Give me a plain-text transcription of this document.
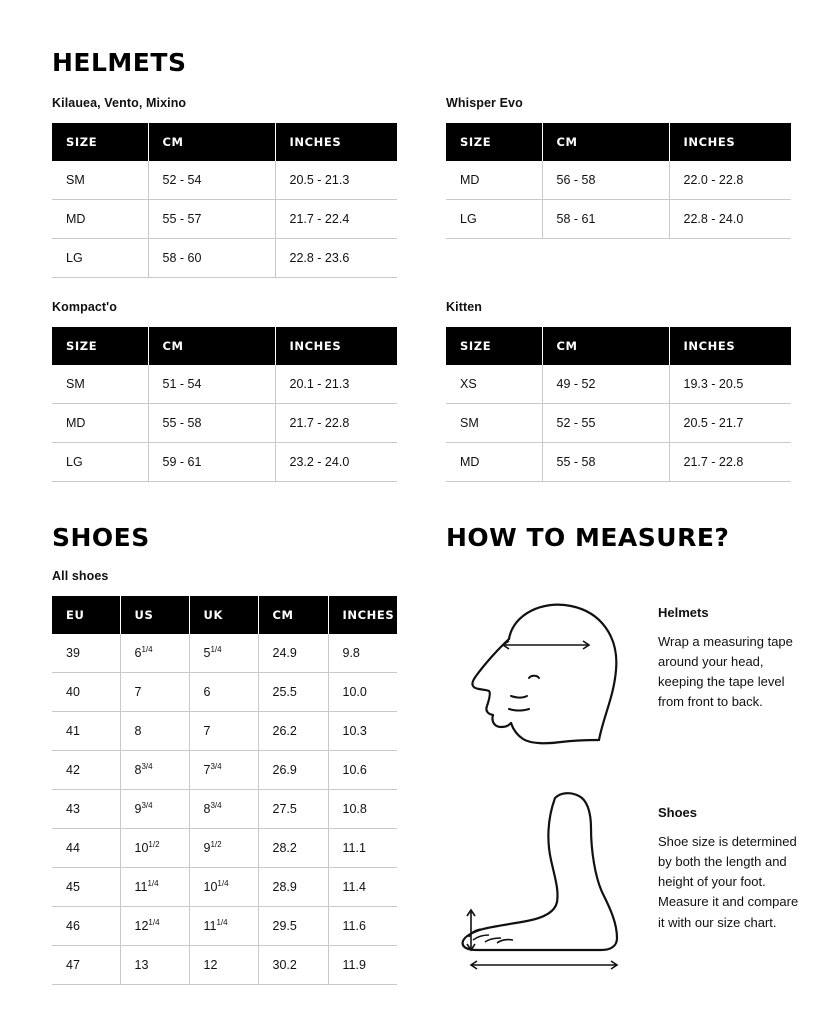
HELMETS

Kilauea, Vento, Mixino

SIZE	CM	INCHES
SM	52 - 54	20.5 - 21.3
MD	55 - 57	21.7 - 22.4
LG	58 - 60	22.8 - 23.6

Kompact'o

SIZE	CM	INCHES
SM	51 - 54	20.1 - 21.3
MD	55 - 58	21.7 - 22.8
LG	59 - 61	23.2 - 24.0
SHOES

All shoes

EU	US	UK	CM	INCHES
39	$6^{1/4}$	$5^{1/4}$	24.9	9.8
40	7	6	25.5	10.0
41	8	7	26.2	10.3
42	$8^{3/4}$	$7^{3/4}$	26.9	10.6
43	$9^{3/4}$	$8^{3/4}$	27.5	10.8
44	$10^{1/2}$	$9^{1/2}$	28.2	11.1
45	$11^{1/4}$	$10^{1/4}$	28.9	11.4
46	$12^{1/4}$	$11^{1/4}$	29.5	11.6
47	13	12	30.2	11.9

Whisper Evo

SIZE	CM	INCHES
MD	56 - 58	22.0 - 22.8
LG	58 - 61	22.8 - 24.0

Kitten

SIZE	CM	INCHES
XS	49 - 52	19.3 - 20.5
SM	52 - 55	20.5 - 21.7
MD	55 - 58	21.7 - 22.8
HOW TO MEASURE?
Helmets
Wrap a measuring tape around your head, keeping the tape level from front to back.
Shoes
Shoe size is determined by both the length and height of your foot. Measure it and compare it with our size chart.
